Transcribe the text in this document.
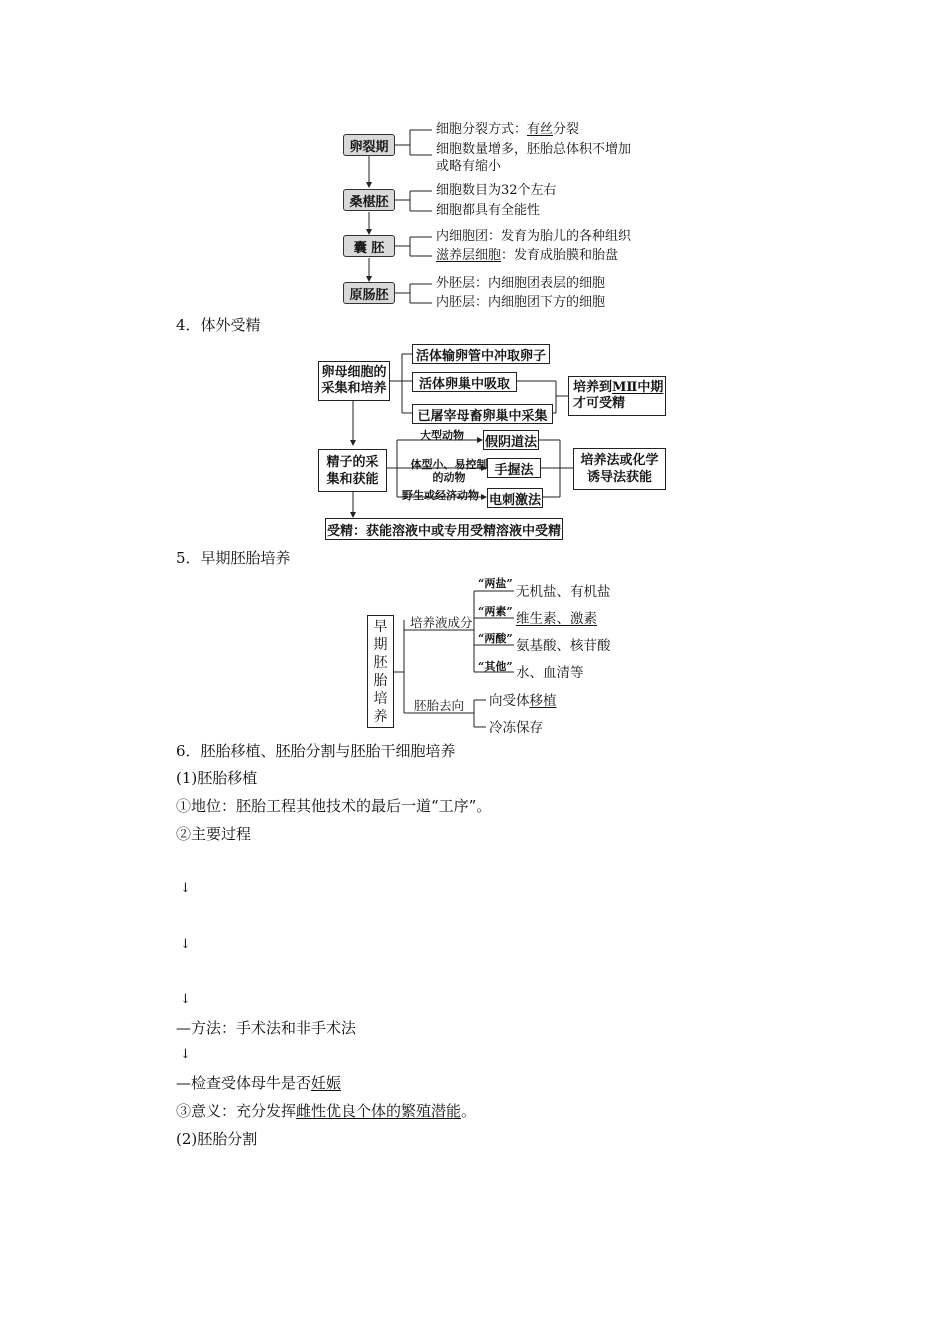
卵裂期
桑椹胚
囊 胚
原肠胚
细胞分裂方式：有丝分裂
细胞数量增多，胚胎总体积不增加
或略有缩小
细胞数目为32个左右
细胞都具有全能性
内细胞团：发育为胎儿的各种组织
滋养层细胞：发育成胎膜和胎盘
外胚层：内细胞团表层的细胞
内胚层：内细胞团下方的细胞
4．体外受精
卵母细胞的
采集和培养
活体输卵管中冲取卵子
活体卵巢中吸取
已屠宰母畜卵巢中采集
培养到MⅡ中期
才可受精
精子的采
集和获能
大型动物
体型小、易控制
的动物
野生或经济动物
假阴道法
手握法
电刺激法
培养法或化学
诱导法获能
受精：获能溶液中或专用受精溶液中受精
5．早期胚胎培养
早
期
胚
胎
培
养
培养液成分
胚胎去向
“两盐”
无机盐、有机盐
“两素” 维生素、激素
“两酸” 氨基酸、核苷酸
“其他” 水、血清等
向受体移植
冷冻保存
6．胚胎移植、胚胎分割与胚胎干细胞培养
(1)胚胎移植
①地位：胚胎工程其他技术的最后一道“工序”。
②主要过程
↓
↓
↓
—方法：手术法和非手术法
↓
—检查受体母牛是否妊娠
③意义：充分发挥雌性优良个体的繁殖潜能。
(2)胚胎分割
